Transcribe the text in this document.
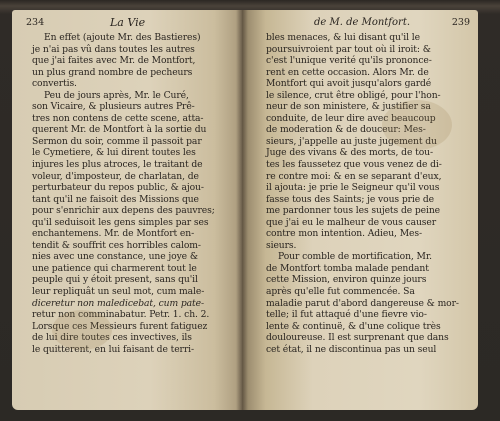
234	La Vie
En effet (ajoute Mr. des Bastieres)
je n'ai pas vû dans toutes les autres
que j'ai faites avec Mr. de Montfort,
un plus grand nombre de pecheurs
convertis.
Peu de jours après, Mr. le Curé,
son Vicaire, & plusieurs autres Prê-
tres non contens de cette scene, atta-
querent Mr. de Montfort à la sortie du
Sermon du soir, comme il passoit par
le Cymetiere, & lui dirent toutes les
injures les plus atroces, le traitant de
voleur, d'imposteur, de charlatan, de
perturbateur du repos public, & ajou-
tant qu'il ne faisoit des Missions que
pour s'enrichir aux depens des pauvres;
qu'il seduisoit les gens simples par ses
enchantemens. Mr. de Montfort en-
tendit & souffrit ces horribles calom-
nies avec une constance, une joye &
une patience qui charmerent tout le
peuple qui y étoit present, sans qu'il
leur repliquât un seul mot, cum male-
diceretur non maledicebat, cum pate-
retur non comminabatur. Petr. 1. ch. 2.
Lorsque ces Messieurs furent fatiguez
de lui dire toutes ces invectives, ils
le quitterent, en lui faisant de terri-
de M. de Montfort.	239
bles menaces, & lui disant qu'il le
poursuivroient par tout où il iroit: &
c'est l'unique verité qu'ils prononce-
rent en cette occasion. Alors Mr. de
Montfort qui avoit jusqu'alors gardé
le silence, crut être obligé, pour l'hon-
neur de son ministere, & justifier sa
conduite, de leur dire avec beaucoup
de moderation & de douceur: Mes-
sieurs, j'appelle au juste jugement du
Juge des vivans & des morts, de tou-
tes les faussetez que vous venez de di-
re contre moi: & en se separant d'eux,
il ajouta: je prie le Seigneur qu'il vous
fasse tous des Saints; je vous prie de
me pardonner tous les sujets de peine
que j'ai eu le malheur de vous causer
contre mon intention. Adieu, Mes-
sieurs.
Pour comble de mortification, Mr.
de Montfort tomba malade pendant
cette Mission, environ quinze jours
après qu'elle fut commencée. Sa
maladie parut d'abord dangereuse & mor-
telle; il fut attaqué d'une fievre vio-
lente & continuë, & d'une colique très
douloureuse. Il est surprenant que dans
cet état, il ne discontinua pas un seul
